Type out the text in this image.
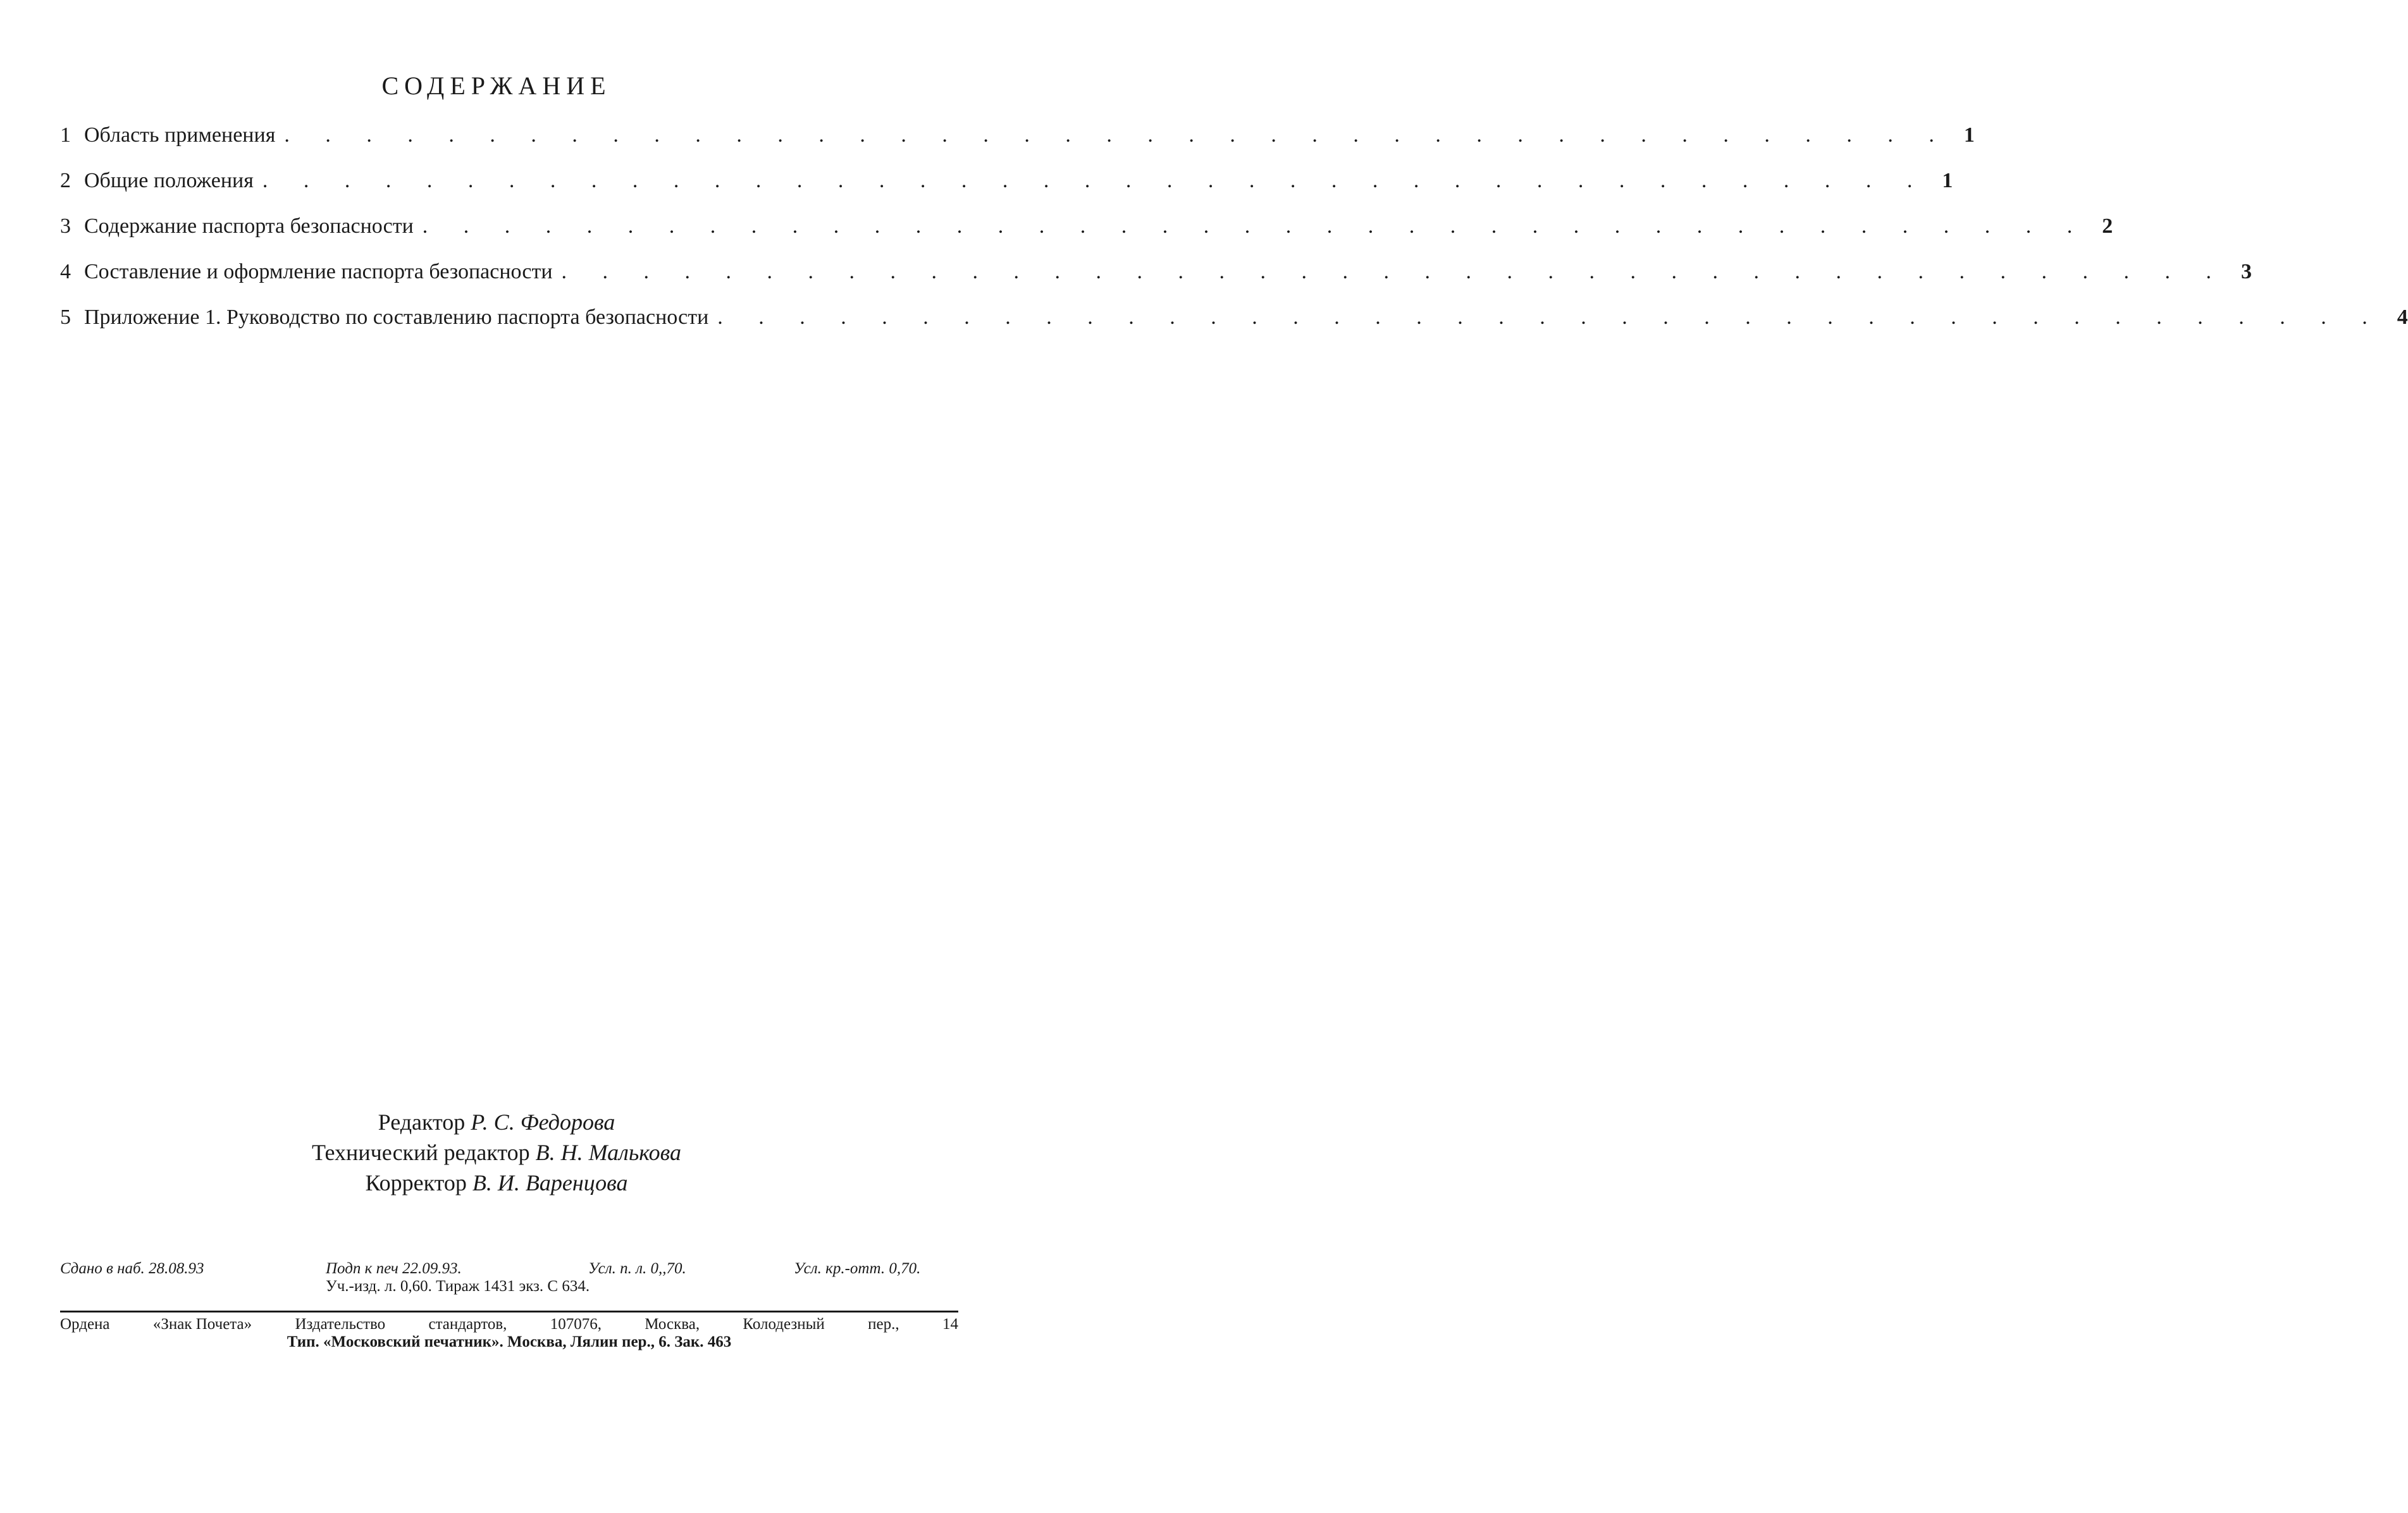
СОДЕРЖАНИЕ
1 Область применения . . . . . . . . . . . . . . . . . . . . . . . . . . . . . . . . . . . . . . . . . 1
2 Общие положения . . . . . . . . . . . . . . . . . . . . . . . . . . . . . . . . . . . . . . . . . 1
3 Содержание паспорта безопасности . . . . . . . . . . . . . . . . . . . . . . . . . . . . . . . . . . . . . . . . . 2
4 Составление и оформление паспорта безопасности . . . . . . . . . . . . . . . . . . . . . . . . . . . . . . . . . . . . . . . . . 3
5 Приложение 1. Руководство по составлению паспорта безопасности . . . . . . . . . . . . . . . . . . . . . . . . . . . . . . . . . . . . . . . . . 4
Редактор Р. С. Федорова
Технический редактор В. Н. Малькова
Корректор В. И. Варенцова
Сдано в наб. 28.08.93	Подп к печ 22.09.93.	Усл. п. л. 0,,70.	Усл. кр.-отт. 0,70.
Уч.-изд. л. 0,60. Тираж 1431 экз. С 634.
Ордена	«Знак Почета»	Издательство	стандартов,	107076,	Москва,	Колодезный	пер.,	14
Тип. «Московский печатник». Москва, Лялин пер., 6. Зак. 463
